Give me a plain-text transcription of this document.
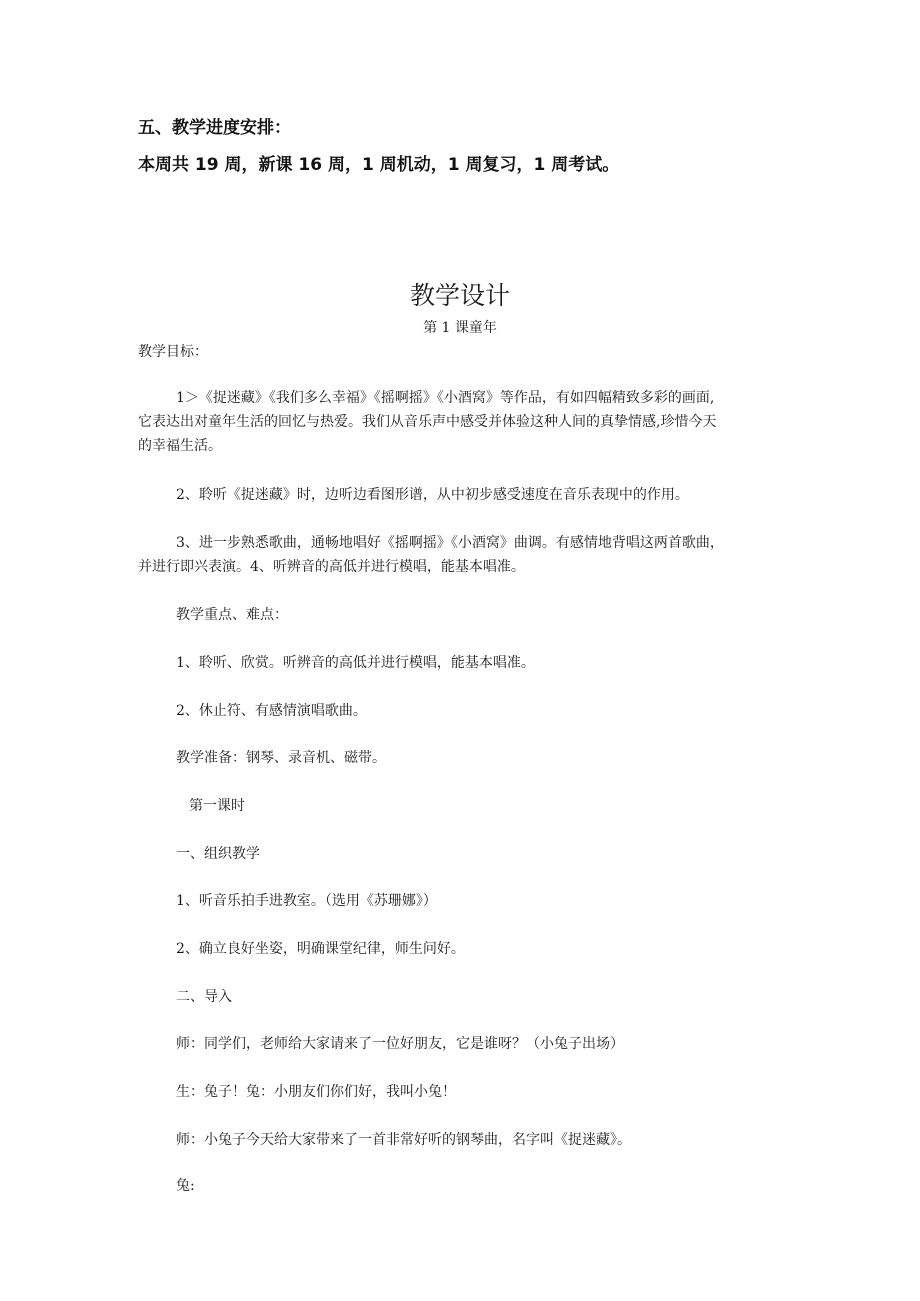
五、教学进度安排：
本周共 19 周，新课 16 周，1 周机动，1 周复习，1 周考试。
教学设计
第 1 课童年
教学目标：
1＞《捉迷藏》《我们多么幸福》《摇啊摇》《小酒窝》等作品，有如四幅精致多彩的画面,
它表达出对童年生活的回忆与热爱。我们从音乐声中感受并体验这种人间的真挚情感,珍惜今天
的幸福生活。
2、聆听《捉迷藏》时，边听边看图形谱，从中初步感受速度在音乐表现中的作用。
3、进一步熟悉歌曲，通畅地唱好《摇啊摇》《小酒窝》曲调。有感情地背唱这两首歌曲，
并进行即兴表演。4、听辨音的高低并进行模唱，能基本唱准。
教学重点、难点：
1、聆听、欣赏。听辨音的高低并进行模唱，能基本唱准。
2、休止符、有感情演唱歌曲。
教学准备：钢琴、录音机、磁带。
第一课时
一、组织教学
1、听音乐拍手进教室。（选用《苏珊娜》）
2、确立良好坐姿，明确课堂纪律，师生问好。
二、导入
师：同学们，老师给大家请来了一位好朋友，它是谁呀？（小兔子出场）
生：兔子！兔：小朋友们你们好，我叫小兔！
师：小兔子今天给大家带来了一首非常好听的钢琴曲，名字叫《捉迷藏》。
兔:
